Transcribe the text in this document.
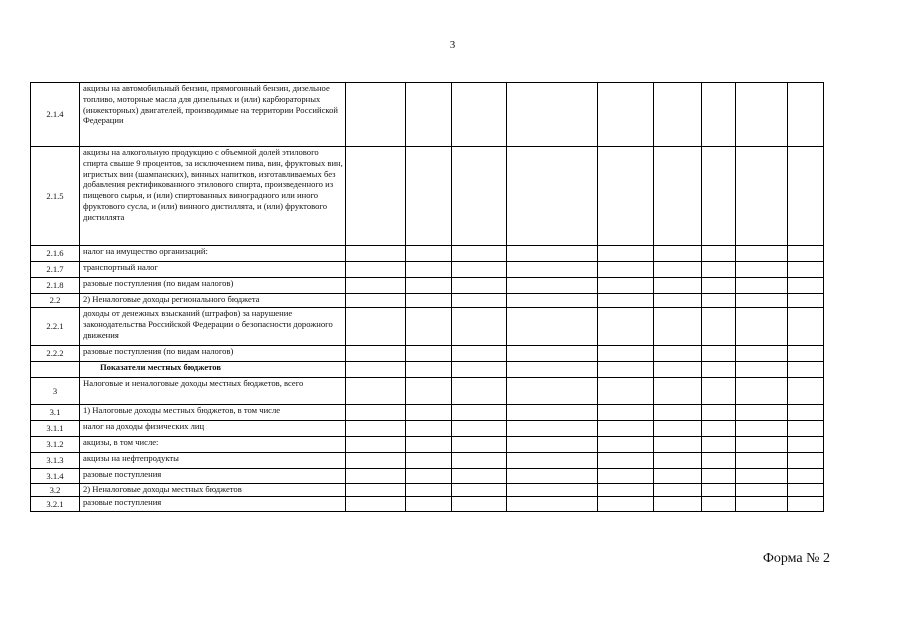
3
2.1.4	акцизы на автомобильный бензин, прямогонный бензин, дизельное топливо, моторные масла для дизельных и (или) карбюраторных (инжекторных) двигателей, производимые на территории Российской Федерации									
2.1.5	акцизы на алкогольную продукцию с объемной долей этилового спирта свыше 9 процентов, за исключением пива, вин, фруктовых вин, игристых вин (шампанских), винных напитков, изготавливаемых без добавления ректификованного этилового спирта, произведенного из пищевого сырья, и (или) спиртованных виноградного или иного фруктового сусла, и (или) винного дистиллята, и (или) фруктового дистиллята									
2.1.6	налог на имущество организаций:									
2.1.7	транспортный налог									
2.1.8	разовые поступления (по видам налогов)									
2.2	2) Неналоговые доходы регионального бюджета									
2.2.1	доходы от денежных взысканий (штрафов) за нарушение законодательства Российской Федерации о безопасности дорожного движения									
2.2.2	разовые поступления (по видам налогов)									
	Показатели местных бюджетов									
3	Налоговые и неналоговые доходы местных бюджетов, всего									
3.1	1) Налоговые доходы местных бюджетов, в том числе									
3.1.1	налог на доходы физических лиц									
3.1.2	акцизы, в том числе:									
3.1.3	акцизы на нефтепродукты									
3.1.4	разовые поступления									
3.2	2) Неналоговые доходы местных бюджетов									
3.2.1	разовые поступления									
Форма № 2
